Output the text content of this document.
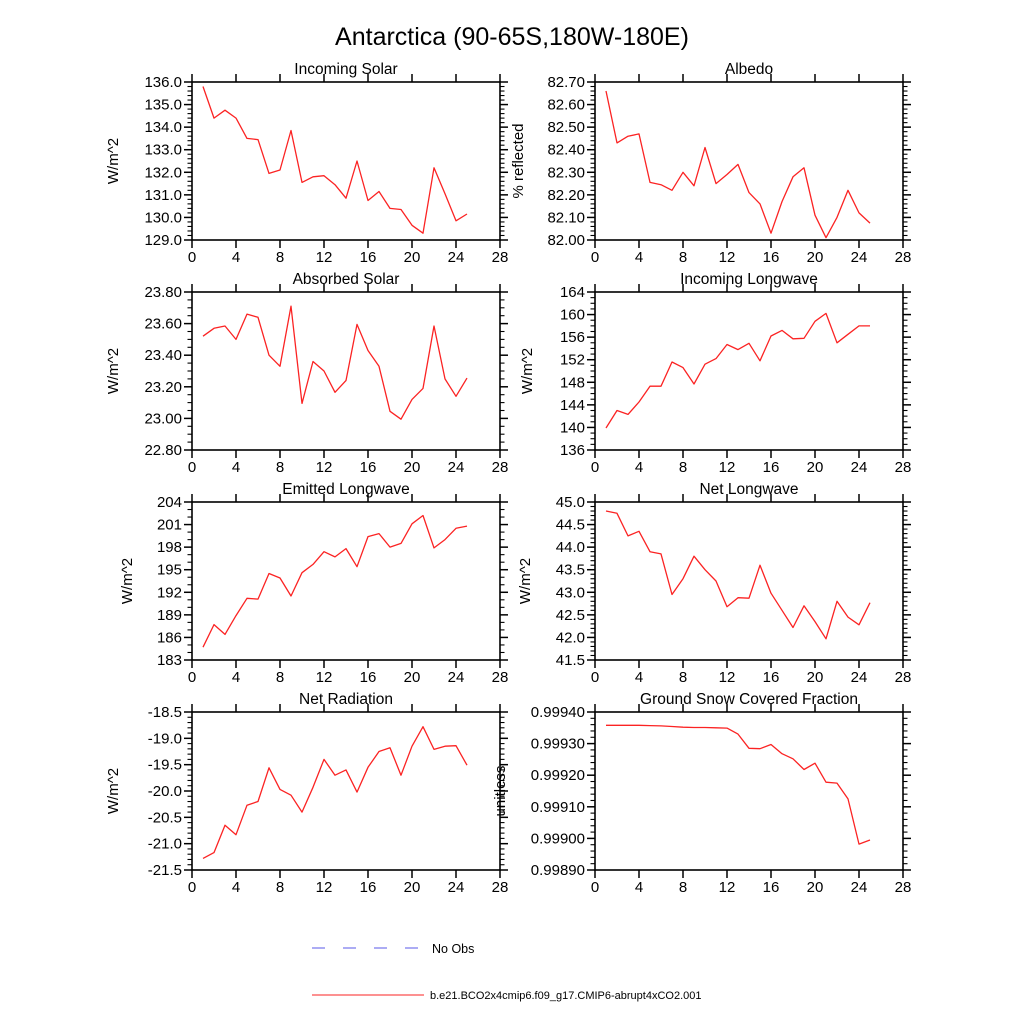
Antarctica (90-65S,180W-180E)
Incoming Solar
W/m^2
0 4 8 12 16 20 24 28
129.0
130.0
131.0
132.0
133.0
134.0
135.0
136.0
Albedo
% reflected
0 4 8 12 16 20 24 28
82.00
82.10
82.20
82.30
82.40
82.50
82.60
82.70
Absorbed Solar
W/m^2
0 4 8 12 16 20 24 28
22.80
23.00
23.20
23.40
23.60
23.80
Incoming Longwave
W/m^2
0 4 8 12 16 20 24 28
136
140
144
148
152
156
160
164
Emitted Longwave
W/m^2
0 4 8 12 16 20 24 28
183
186
189
192
195
198
201
204
Net Longwave
W/m^2
0 4 8 12 16 20 24 28
41.5
42.0
42.5
43.0
43.5
44.0
44.5
45.0
Net Radiation
W/m^2
0 4 8 12 16 20 24 28
-21.5
-21.0
-20.5
-20.0
-19.5
-19.0
-18.5
Ground Snow Covered Fraction
unitless
0 4 8 12 16 20 24 28
0.99890
0.99900
0.99910
0.99920
0.99930
0.99940
No Obs
b.e21.BCO2x4cmip6.f09_g17.CMIP6-abrupt4xCO2.001
